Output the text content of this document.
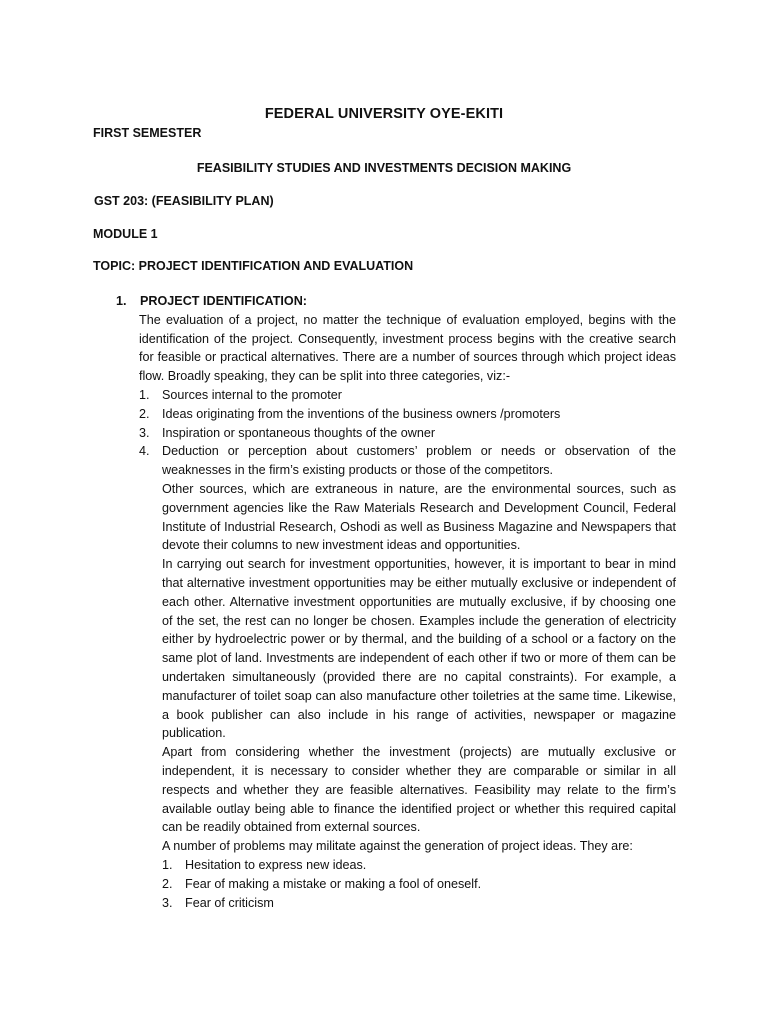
FEDERAL UNIVERSITY OYE-EKITI
FIRST SEMESTER
FEASIBILITY STUDIES AND INVESTMENTS DECISION MAKING
GST 203: (FEASIBILITY PLAN)
MODULE 1
TOPIC: PROJECT IDENTIFICATION AND EVALUATION
1.	PROJECT IDENTIFICATION:

The evaluation of a project, no matter the technique of evaluation employed, begins with the identification of the project. Consequently, investment process begins with the creative search for feasible or practical alternatives. There are a number of sources through which project ideas flow. Broadly speaking, they can be split into three categories, viz:-

1. Sources internal to the promoter
2. Ideas originating from the inventions of the business owners /promoters
3. Inspiration or spontaneous thoughts of the owner
4. Deduction or perception about customers’ problem or needs or observation of the weaknesses in the firm’s existing products or those of the competitors.

Other sources, which are extraneous in nature, are the environmental sources, such as government agencies like the Raw Materials Research and Development Council, Federal Institute of Industrial Research, Oshodi as well as Business Magazine and Newspapers that devote their columns to new investment ideas and opportunities.

In carrying out search for investment opportunities, however, it is important to bear in mind that alternative investment opportunities may be either mutually exclusive or independent of each other. Alternative investment opportunities are mutually exclusive, if by choosing one of the set, the rest can no longer be chosen. Examples include the generation of electricity either by hydroelectric power or by thermal, and the building of a school or a factory on the same plot of land. Investments are independent of each other if two or more of them can be undertaken simultaneously (provided there are no capital constraints). For example, a manufacturer of toilet soap can also manufacture other toiletries at the same time. Likewise, a book publisher can also include in his range of activities, newspaper or magazine publication.

Apart from considering whether the investment (projects) are mutually exclusive or independent, it is necessary to consider whether they are comparable or similar in all respects and whether they are feasible alternatives. Feasibility may relate to the firm’s available outlay being able to finance the identified project or whether this required capital can be readily obtained from external sources.

A number of problems may militate against the generation of project ideas. They are:

1. Hesitation to express new ideas.
2. Fear of making a mistake or making a fool of oneself.
3. Fear of criticism
